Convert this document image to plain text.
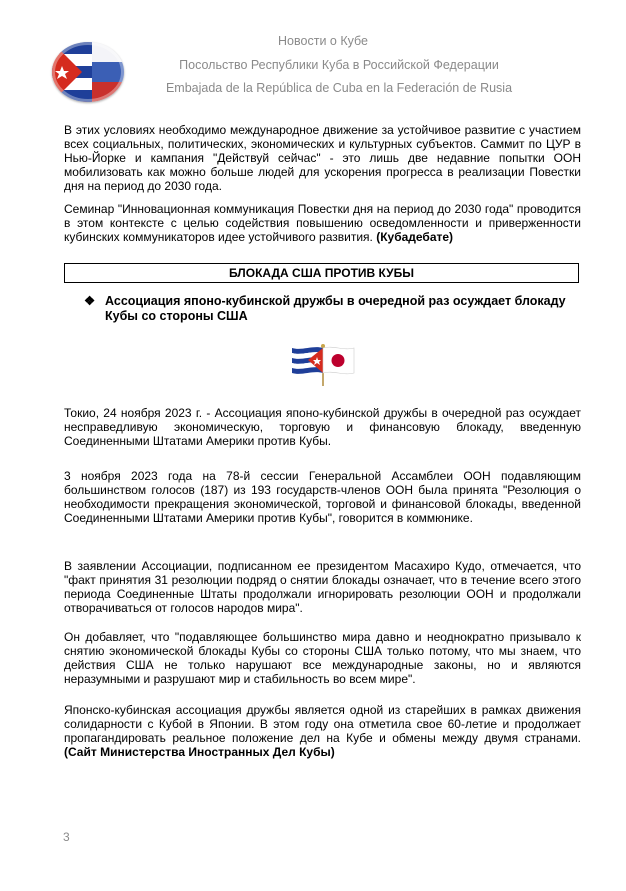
Новости о Кубе
Посольство Республики Куба в Российской Федерации
Embajada de la República de Cuba en la Federación de Rusia

В этих условиях необходимо международное движение за устойчивое развитие с участием всех социальных, политических, экономических и культурных субъектов. Саммит по ЦУР в Нью-Йорке и кампания "Действуй сейчас" - это лишь две недавние попытки ООН мобилизовать как можно больше людей для ускорения прогресса в реализации Повестки дня на период до 2030 года.

Семинар "Инновационная коммуникация Повестки дня на период до 2030 года" проводится в этом контексте с целью содействия повышению осведомленности и приверженности кубинских коммуникаторов идее устойчивого развития. (Кубадебате)

БЛОКАДА США ПРОТИВ КУБЫ
❖ Ассоциация японо-кубинской дружбы в очередной раз осуждает блокаду Кубы со стороны США

Токио, 24 ноября 2023 г. - Ассоциация японо-кубинской дружбы в очередной раз осуждает несправедливую экономическую, торговую и финансовую блокаду, введенную Соединенными Штатами Америки против Кубы.

3 ноября 2023 года на 78-й сессии Генеральной Ассамблеи ООН подавляющим большинством голосов (187) из 193 государств-членов ООН была принята "Резолюция о необходимости прекращения экономической, торговой и финансовой блокады, введенной Соединенными Штатами Америки против Кубы", говорится в коммюнике.

В заявлении Ассоциации, подписанном ее президентом Масахиро Кудо, отмечается, что "факт принятия 31 резолюции подряд о снятии блокады означает, что в течение всего этого периода Соединенные Штаты продолжали игнорировать резолюции ООН и продолжали отворачиваться от голосов народов мира".

Он добавляет, что "подавляющее большинство мира давно и неоднократно призывало к снятию экономической блокады Кубы со стороны США только потому, что мы знаем, что действия США не только нарушают все международные законы, но и являются неразумными и разрушают мир и стабильность во всем мире".

Японско-кубинская ассоциация дружбы является одной из старейших в рамках движения солидарности с Кубой в Японии. В этом году она отметила свое 60-летие и продолжает пропагандировать реальное положение дел на Кубе и обмены между двумя странами. (Сайт Министерства Иностранных Дел Кубы)

3
